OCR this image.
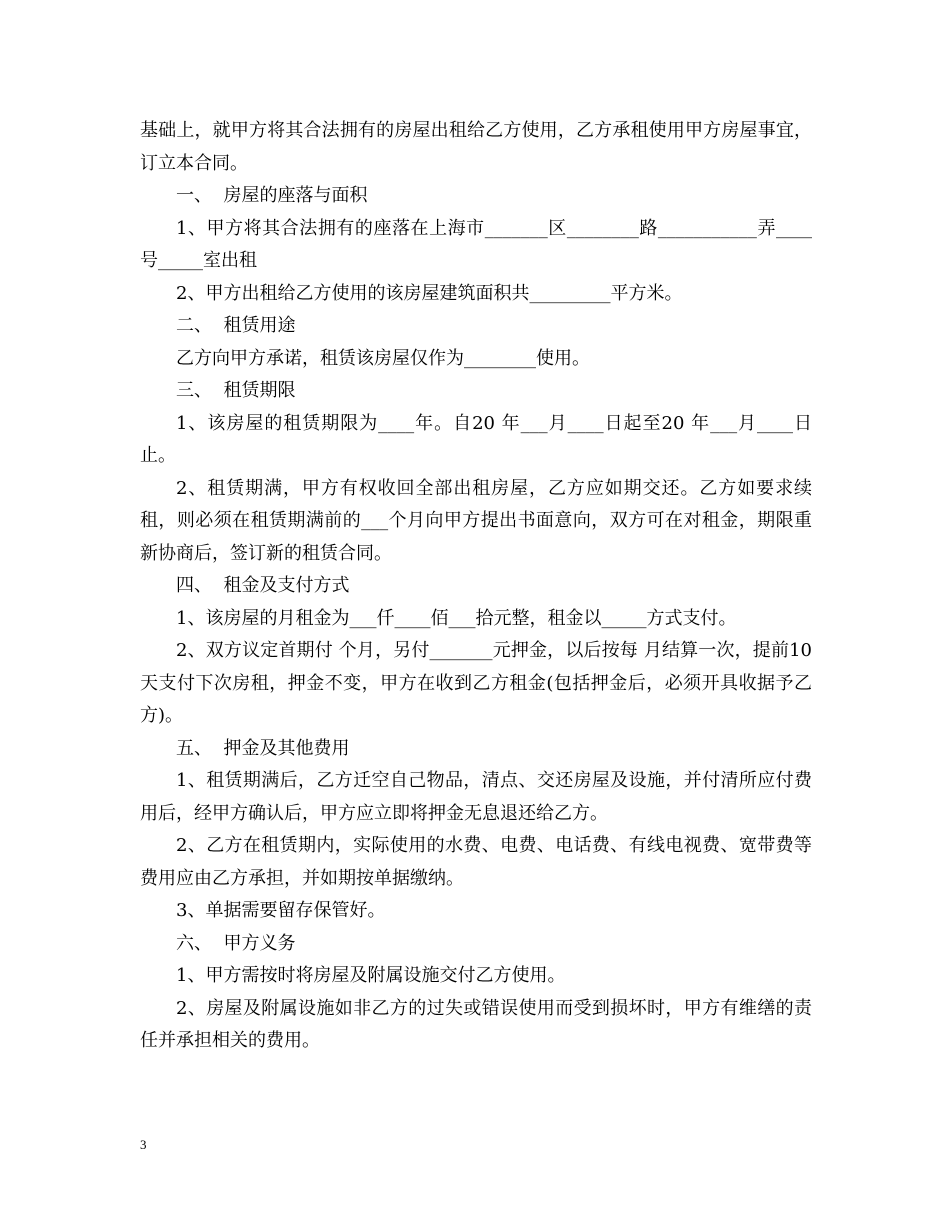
基础上，就甲方将其合法拥有的房屋出租给乙方使用，乙方承租使用甲方房屋事宜，订立本合同。

一、  房屋的座落与面积

1、甲方将其合法拥有的座落在上海市_______区________路___________弄____号_____室出租

2、甲方出租给乙方使用的该房屋建筑面积共_________平方米。

二、  租赁用途

乙方向甲方承诺，租赁该房屋仅作为________使用。

三、  租赁期限

1、该房屋的租赁期限为____年。自20 年___月____日起至20 年___月____日止。

2、租赁期满，甲方有权收回全部出租房屋，乙方应如期交还。乙方如要求续租，则必须在租赁期满前的___个月向甲方提出书面意向，双方可在对租金，期限重新协商后，签订新的租赁合同。

四、  租金及支付方式

1、该房屋的月租金为___仟____佰___拾元整，租金以_____方式支付。

2、双方议定首期付 个月，另付_______元押金，以后按每 月结算一次，提前10天支付下次房租，押金不变，甲方在收到乙方租金(包括押金后，必须开具收据予乙方)。

五、  押金及其他费用

1、租赁期满后，乙方迁空自己物品，清点、交还房屋及设施，并付清所应付费用后，经甲方确认后，甲方应立即将押金无息退还给乙方。

2、乙方在租赁期内，实际使用的水费、电费、电话费、有线电视费、宽带费等费用应由乙方承担，并如期按单据缴纳。

3、单据需要留存保管好。

六、  甲方义务

1、甲方需按时将房屋及附属设施交付乙方使用。

2、房屋及附属设施如非乙方的过失或错误使用而受到损坏时，甲方有维缮的责任并承担相关的费用。

3
